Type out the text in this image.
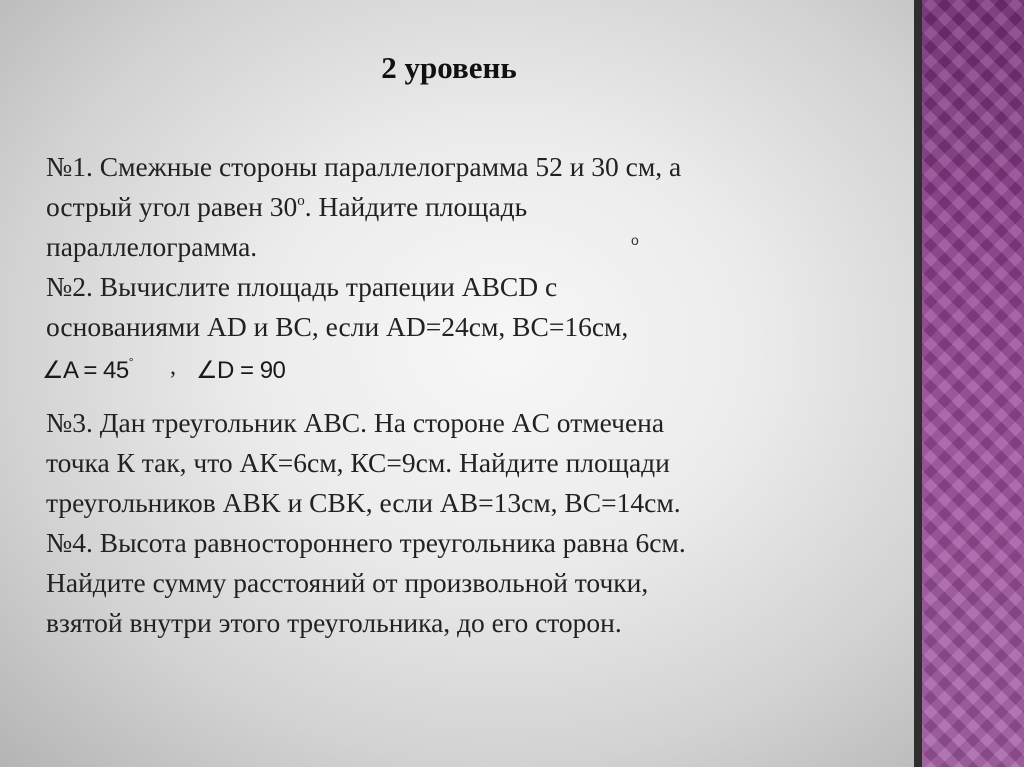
2 уровень
о
№1. Смежные стороны параллелограмма 52 и 30 см, а
острый угол равен $30^о$. Найдите площадь
параллелограмма.
№2. Вычислите площадь трапеции ABCD с
основаниями AD и BC, если AD=24см, BC=16см,
∠A = 45° , ∠D = 90
№3. Дан треугольник ABC. На стороне AC отмечена
точка К так, что АК=6см, КС=9см. Найдите площади
треугольников ABK и CBK, если AB=13см, BC=14см.
№4. Высота равностороннего треугольника равна 6см.
Найдите сумму расстояний от произвольной точки,
взятой внутри этого треугольника, до его сторон.
